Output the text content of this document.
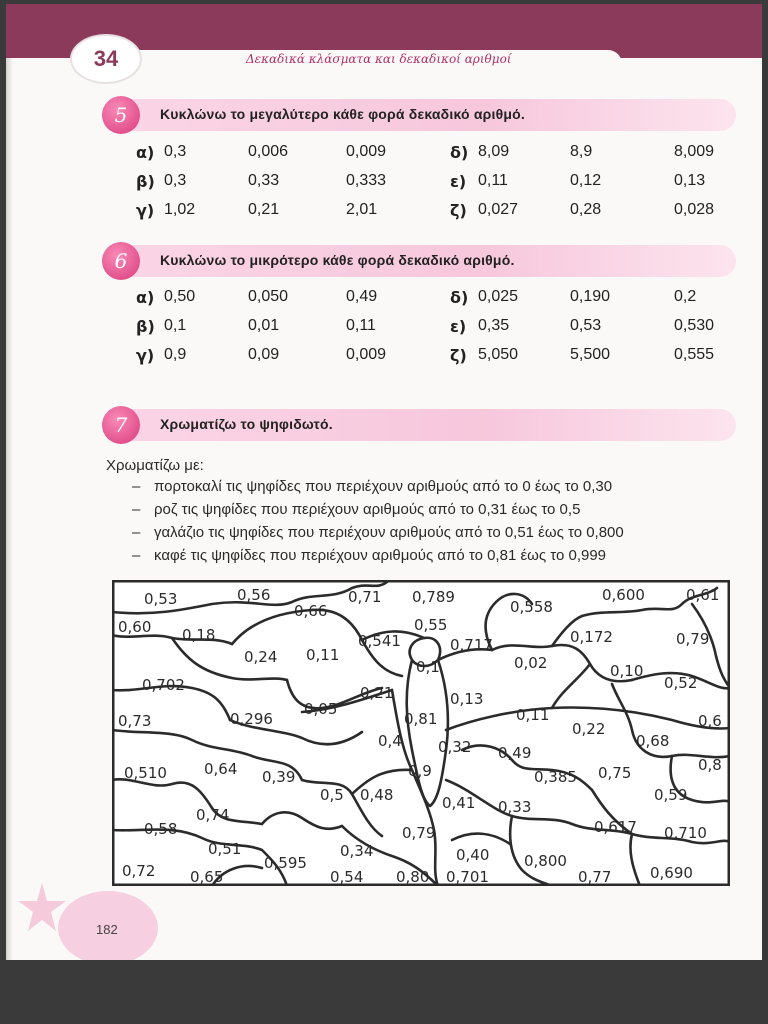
Δεκαδικά κλάσματα και δεκαδικοί αριθμοί
34
5	Κυκλώνω το μεγαλύτερο κάθε φορά δεκαδικό αριθμό.
α) 0,3	0,006	0,009	δ) 8,09	8,9	8,009
β) 0,3	0,33	0,333	ε) 0,11	0,12	0,13
γ) 1,02	0,21	2,01	ζ) 0,027	0,28	0,028
6	Κυκλώνω το μικρότερο κάθε φορά δεκαδικό αριθμό.
α) 0,50	0,050	0,49	δ) 0,025	0,190	0,2
β) 0,1	0,01	0,11	ε) 0,35	0,53	0,530
γ) 0,9	0,09	0,009	ζ) 5,050	5,500	0,555
7	Χρωματίζω το ψηφιδωτό.
Χρωματίζω με:
– πορτοκαλί τις ψηφίδες που περιέχουν αριθμούς από το 0 έως το 0,30
– ροζ τις ψηφίδες που περιέχουν αριθμούς από το 0,31 έως το 0,5
– γαλάζιο τις ψηφίδες που περιέχουν αριθμούς από το 0,51 έως το 0,800
– καφέ τις ψηφίδες που περιέχουν αριθμούς από το 0,81 έως το 0,999
0,53	0,56
0,66
0,71 0,789
0,558
0,600	0,61
0,60 0,18
0,55
0,541	0,717	0,172	0,79
0,24 0,11
0,1	0,02	0,10
0,52
0,702	0,21	0,13
0,73	0,296
0,05
0,81	0,11
0,22
0,68
0,6
0,4 0,32 0,49
0,510 0,64 0,39	0,9	0,385 0,75	0,8
0,5 0,48	0,41 0,33
0,59
0,74
0,58	0,79	0,617 0,710
0,51	0,34	0,40 0,800
0,595
0,72 0,65	0,54 0,80 0,701	0,77	0,690
182
